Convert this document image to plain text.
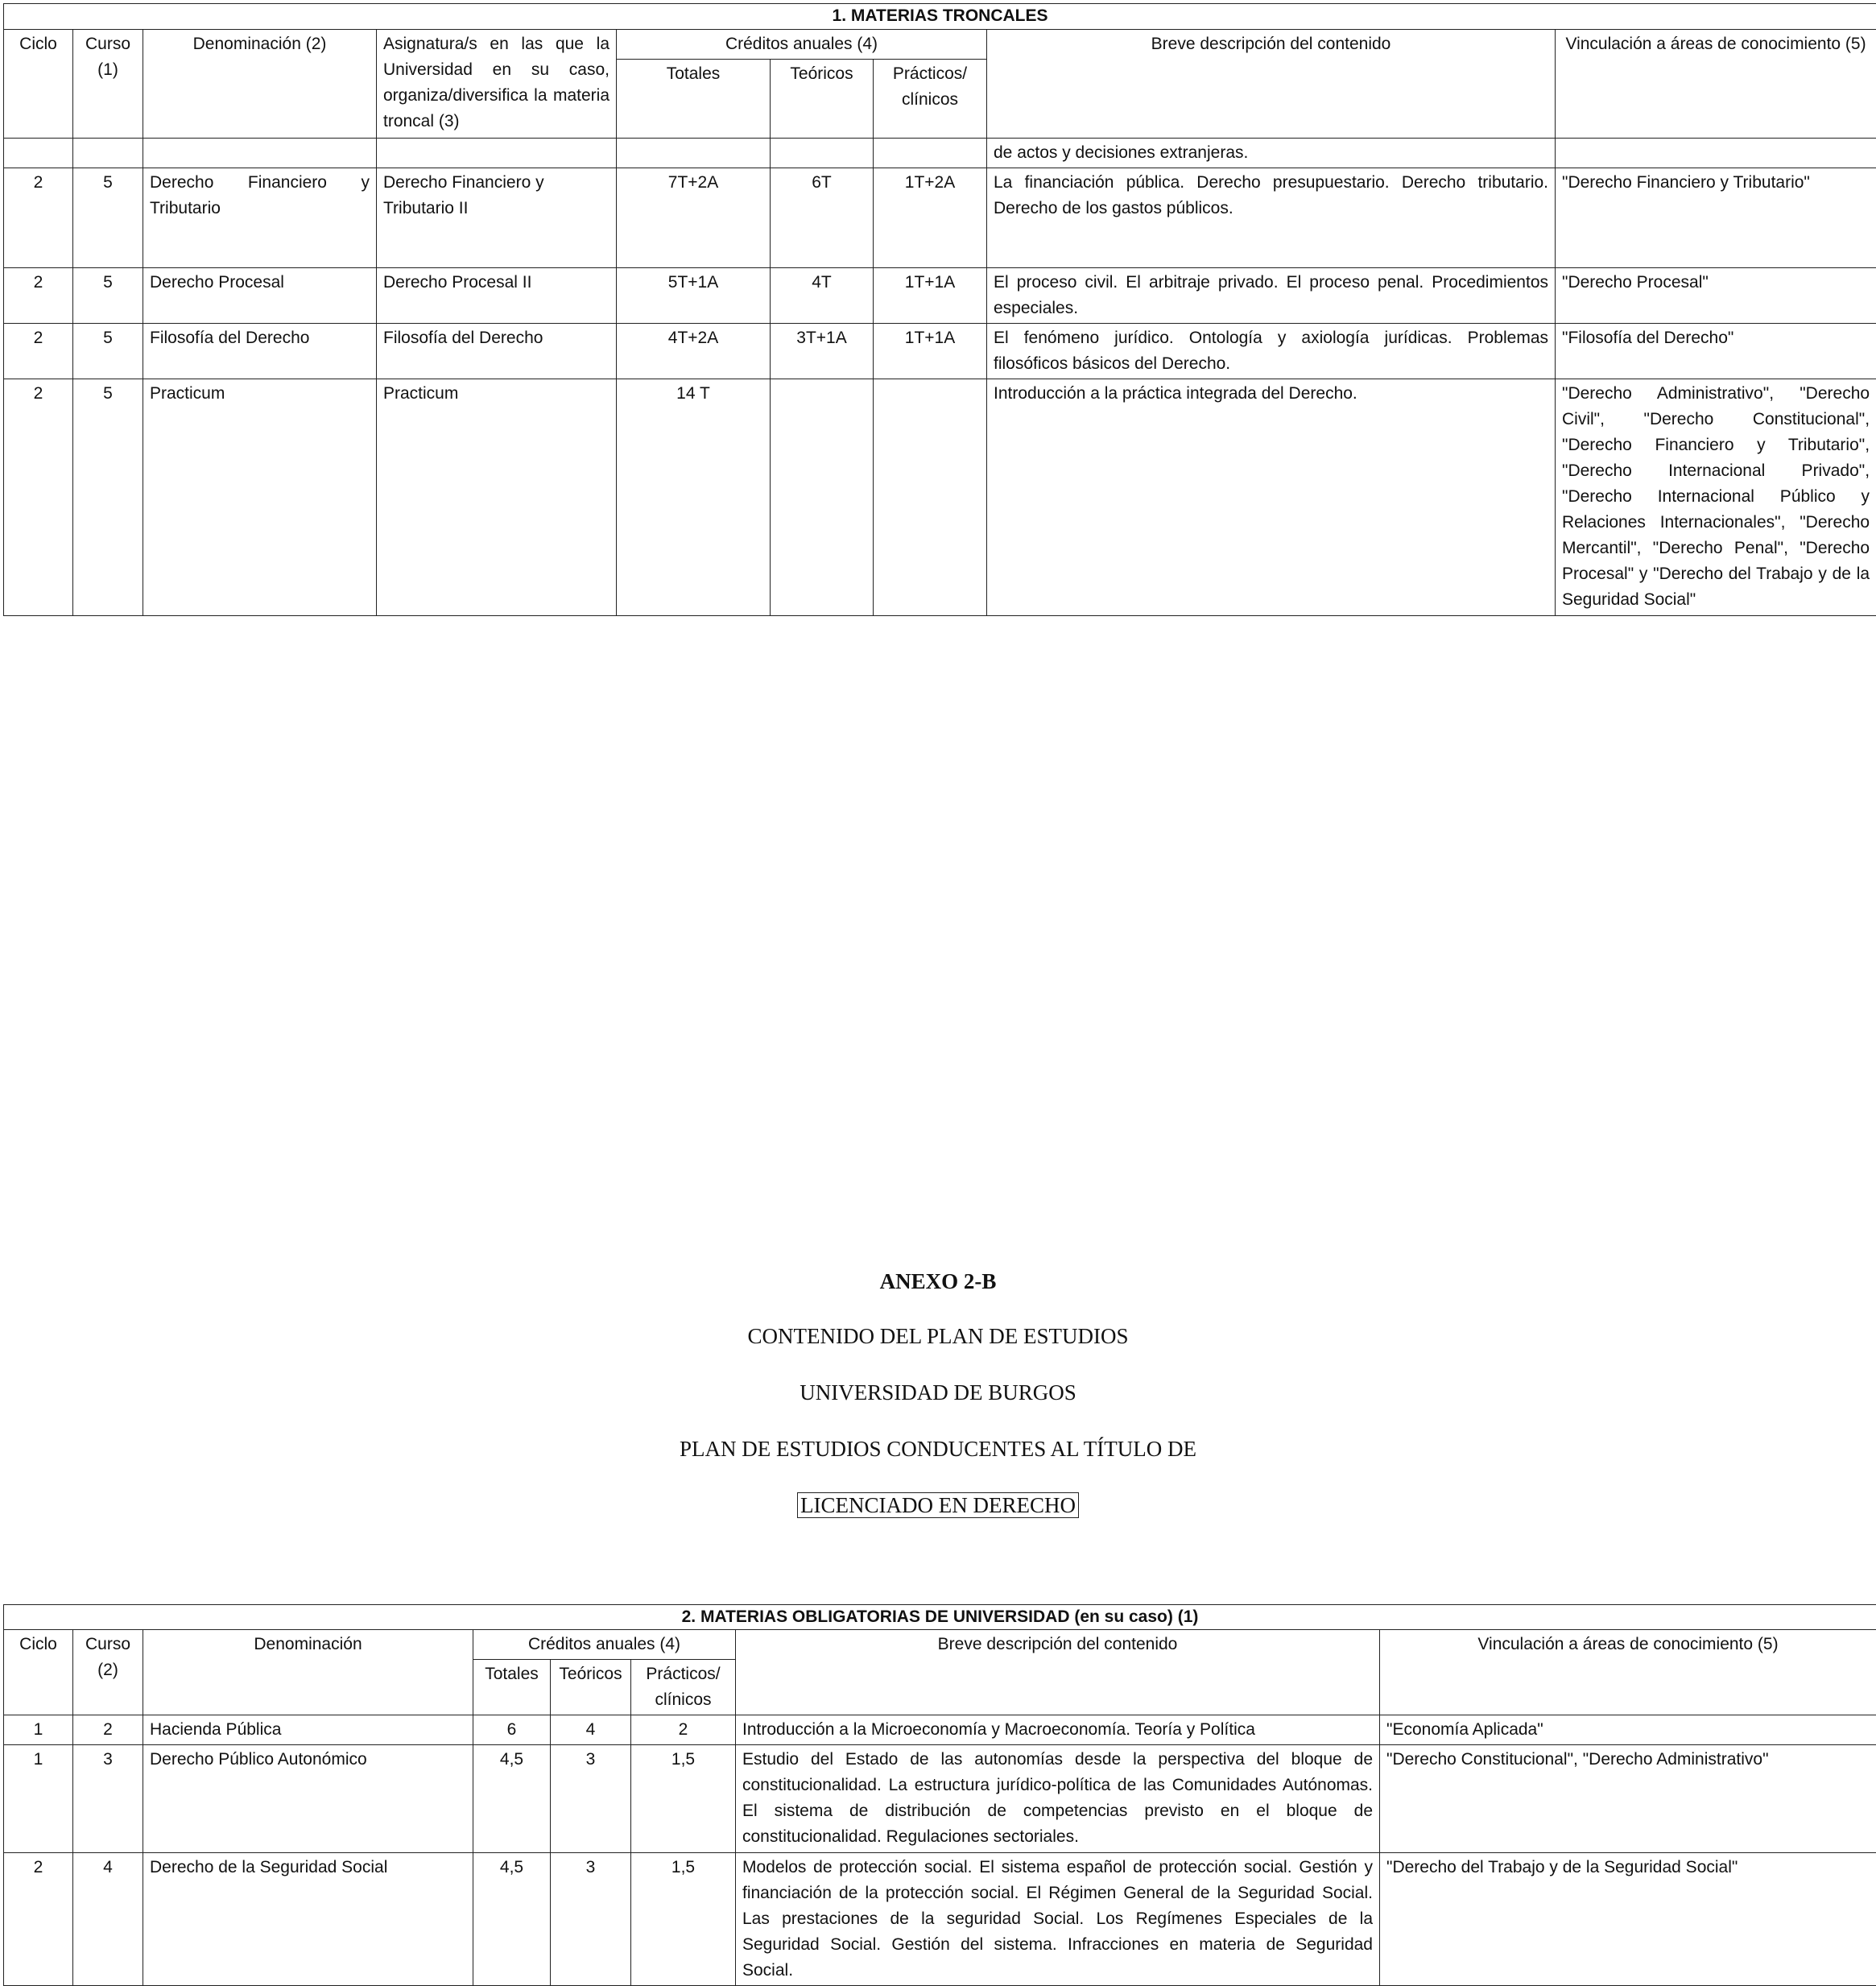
1. MATERIAS TRONCALES								
Ciclo	Curso (1)	Denominación (2)	Asignatura/s en las que la Universidad en su caso, organiza/diversifica la materia troncal (3)	Créditos anuales (4)			Breve descripción del contenido	Vinculación a áreas de conocimiento (5)
				Totales	Teóricos	Prácticos/ clínicos		
							de actos y decisiones extranjeras.	
2	5	Derecho Financiero y Tributario	Derecho Financiero y Tributario II	7T+2A	6T	1T+2A	La financiación pública. Derecho presupuestario. Derecho tributario. Derecho de los gastos públicos.	"Derecho Financiero y Tributario"
2	5	Derecho Procesal	Derecho Procesal II	5T+1A	4T	1T+1A	El proceso civil. El arbitraje privado. El proceso penal. Procedimientos especiales.	"Derecho Procesal"
2	5	Filosofía del Derecho	Filosofía del Derecho	4T+2A	3T+1A	1T+1A	El fenómeno jurídico. Ontología y axiología jurídicas. Problemas filosóficos básicos del Derecho.	"Filosofía del Derecho"
2	5	Practicum	Practicum	14 T			Introducción a la práctica integrada del Derecho.	"Derecho Administrativo", "Derecho Civil", "Derecho Constitucional", "Derecho Financiero y Tributario", "Derecho Internacional Privado", "Derecho Internacional Público y Relaciones Internacionales", "Derecho Mercantil", "Derecho Penal", "Derecho Procesal" y "Derecho del Trabajo y de la Seguridad Social"
ANEXO 2-B
CONTENIDO DEL PLAN DE ESTUDIOS
UNIVERSIDAD DE BURGOS
PLAN DE ESTUDIOS CONDUCENTES AL TÍTULO DE
LICENCIADO EN DERECHO
2. MATERIAS OBLIGATORIAS DE UNIVERSIDAD (en su caso) (1)							
Ciclo	Curso (2)	Denominación	Créditos anuales (4)			Breve descripción del contenido	Vinculación a áreas de conocimiento (5)
			Totales	Teóricos	Prácticos/ clínicos		
1	2	Hacienda Pública	6	4	2	Introducción a la Microeconomía y Macroeconomía. Teoría y Política	"Economía Aplicada"
1	3	Derecho Público Autonómico	4,5	3	1,5	Estudio del Estado de las autonomías desde la perspectiva del bloque de constitucionalidad. La estructura jurídico-política de las Comunidades Autónomas. El sistema de distribución de competencias previsto en el bloque de constitucionalidad. Regulaciones sectoriales.	"Derecho Constitucional", "Derecho Administrativo"
2	4	Derecho de la Seguridad Social	4,5	3	1,5	Modelos de protección social. El sistema español de protección social. Gestión y financiación de la protección social. El Régimen General de la Seguridad Social. Las prestaciones de la seguridad Social. Los Regímenes Especiales de la Seguridad Social. Gestión del sistema. Infracciones en materia de Seguridad Social.	"Derecho del Trabajo y de la Seguridad Social"
